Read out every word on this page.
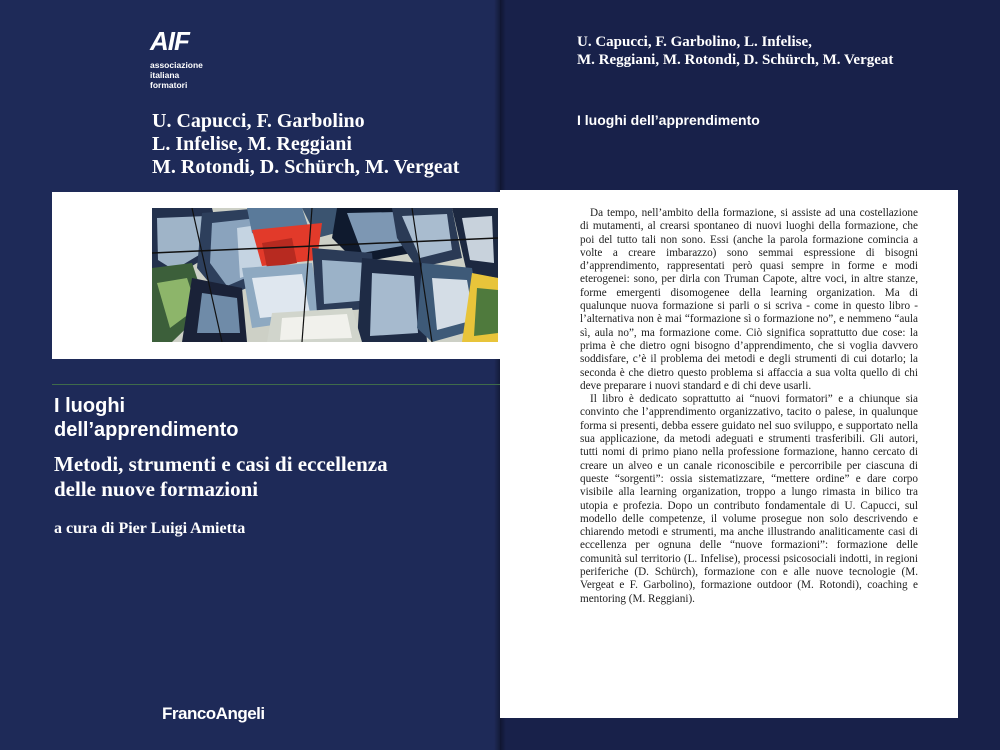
AIF
associazione
italiana
formatori
U. Capucci, F. Garbolino
L. Infelise, M. Reggiani
M. Rotondi, D. Schürch, M. Vergeat
I luoghi
dell’apprendimento
Metodi, strumenti e casi di eccellenza
delle nuove formazioni
a cura di Pier Luigi Amietta
FrancoAngeli
U. Capucci, F. Garbolino, L. Infelise,
M. Reggiani, M. Rotondi, D. Schürch, M. Vergeat
I luoghi dell’apprendimento

Da tempo, nell’ambito della formazione, si assiste ad una costellazione di mutamenti, al crearsi spontaneo di nuovi luoghi della formazione, che poi del tutto tali non sono. Essi (anche la parola formazione comincia a volte a creare imbarazzo) sono semmai espressione di bisogni d’apprendimento, rappresentati però quasi sempre in forme e modi eterogenei: sono, per dirla con Truman Capote, altre voci, in altre stanze, forme emergenti disomogenee della learning organization. Ma di qualunque nuova formazione si parli o si scriva - come in questo libro - l’alternativa non è mai “formazione sì o formazione no”, e nemmeno “aula sì, aula no”, ma formazione come. Ciò significa soprattutto due cose: la prima è che dietro ogni bisogno d’apprendimento, che si voglia davvero soddisfare, c’è il problema dei metodi e degli strumenti di cui dotarlo; la seconda è che dietro questo problema si affaccia a sua volta quello di chi deve preparare i nuovi standard e di chi deve usarli.

Il libro è dedicato soprattutto ai “nuovi formatori” e a chiunque sia convinto che l’apprendimento organizzativo, tacito o palese, in qualunque forma si presenti, debba essere guidato nel suo sviluppo, e supportato nella sua applicazione, da metodi adeguati e strumenti trasferibili. Gli autori, tutti nomi di primo piano nella professione formazione, hanno cercato di creare un alveo e un canale riconoscibile e percorribile per ciascuna di queste “sorgenti”: ossia sistematizzare, “mettere ordine” e dare corpo visibile alla learning organization, troppo a lungo rimasta in bilico tra utopia e profezia. Dopo un contributo fondamentale di U. Capucci, sul modello delle competenze, il volume prosegue non solo descrivendo e chiarendo metodi e strumenti, ma anche illustrando analiticamente casi di eccellenza per ognuna delle “nuove formazioni”: formazione delle comunità sul territorio (L. Infelise), processi psicosociali indotti, in regioni periferiche (D. Schürch), formazione con e alle nuove tecnologie (M. Vergeat e F. Garbolino), formazione outdoor (M. Rotondi), coaching e mentoring (M. Reggiani).
